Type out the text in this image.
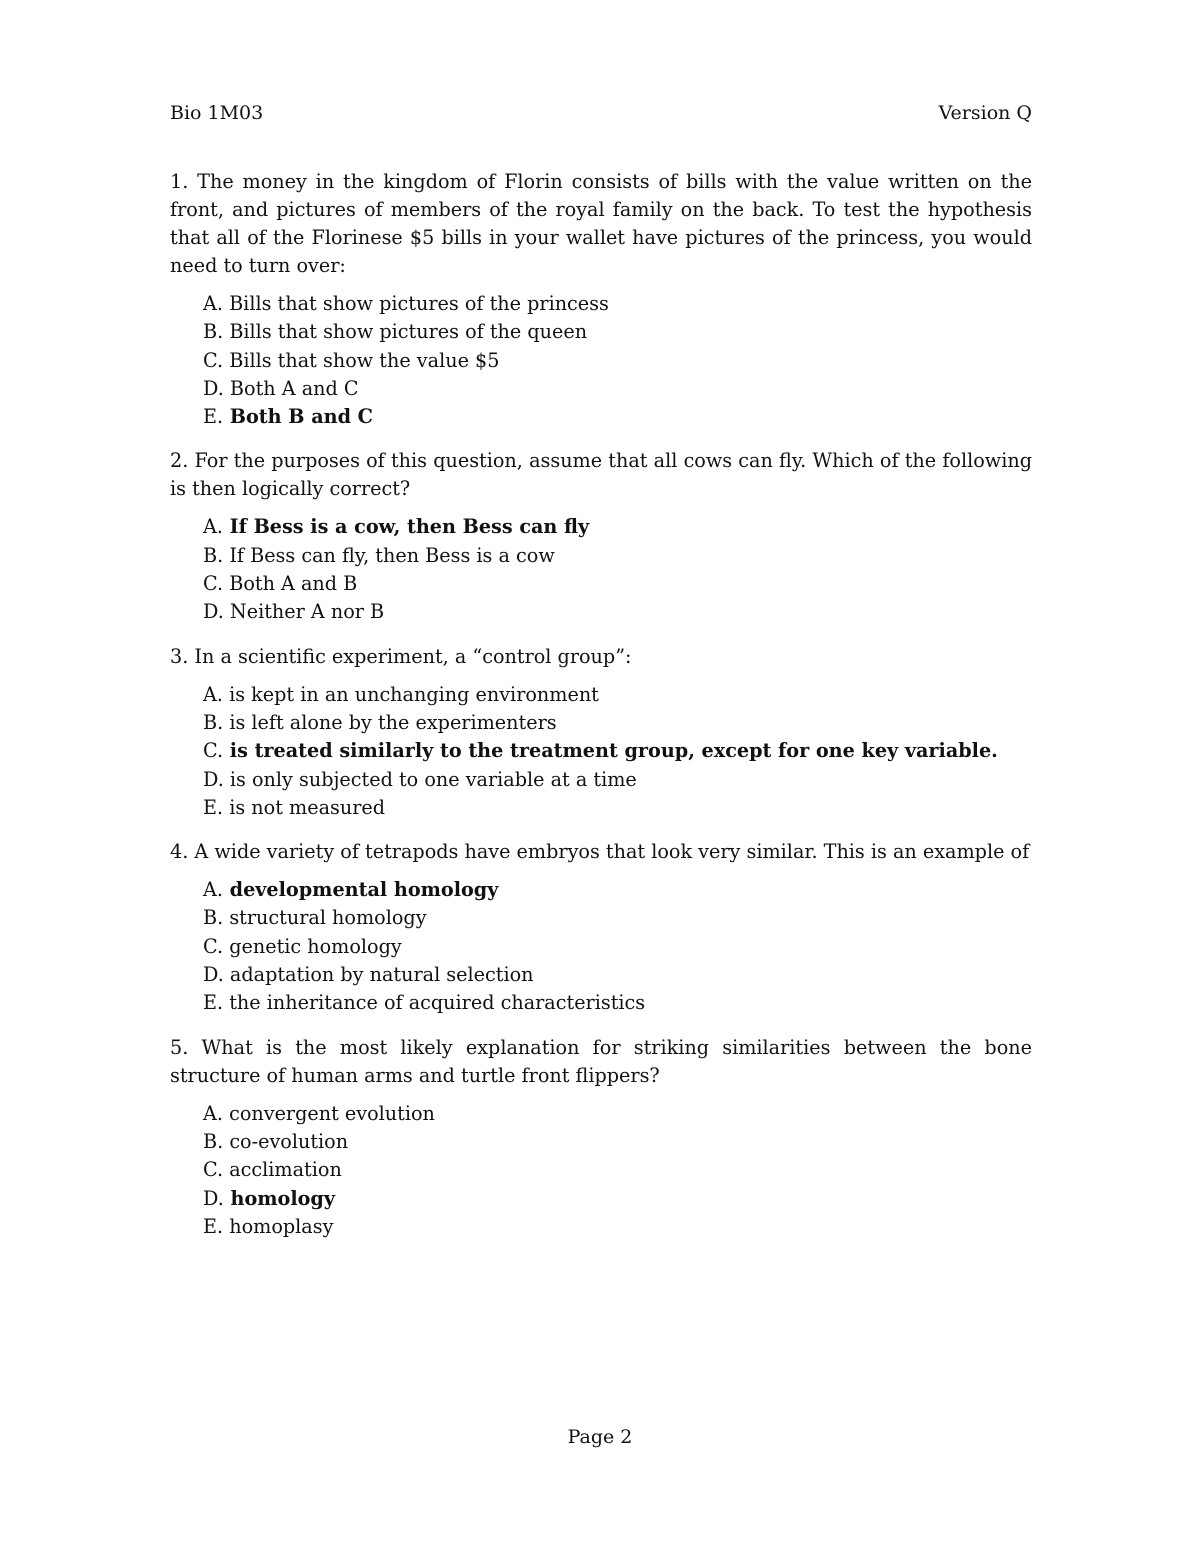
Bio 1M03	Version Q
1. The money in the kingdom of Florin consists of bills with the value written on the front, and pictures of members of the royal family on the back. To test the hypothesis that all of the Florinese $5 bills in your wallet have pictures of the princess, you would need to turn over:
A. Bills that show pictures of the princess
B. Bills that show pictures of the queen
C. Bills that show the value $5
D. Both A and C
E. Both B and C
2. For the purposes of this question, assume that all cows can fly. Which of the following is then logically correct?
A. If Bess is a cow, then Bess can fly
B. If Bess can fly, then Bess is a cow
C. Both A and B
D. Neither A nor B
3. In a scientific experiment, a “control group”:
A. is kept in an unchanging environment
B. is left alone by the experimenters
C. is treated similarly to the treatment group, except for one key variable.
D. is only subjected to one variable at a time
E. is not measured
4. A wide variety of tetrapods have embryos that look very similar. This is an example of
A. developmental homology
B. structural homology
C. genetic homology
D. adaptation by natural selection
E. the inheritance of acquired characteristics
5. What is the most likely explanation for striking similarities between the bone structure of human arms and turtle front flippers?
A. convergent evolution
B. co-evolution
C. acclimation
D. homology
E. homoplasy
Page 2
